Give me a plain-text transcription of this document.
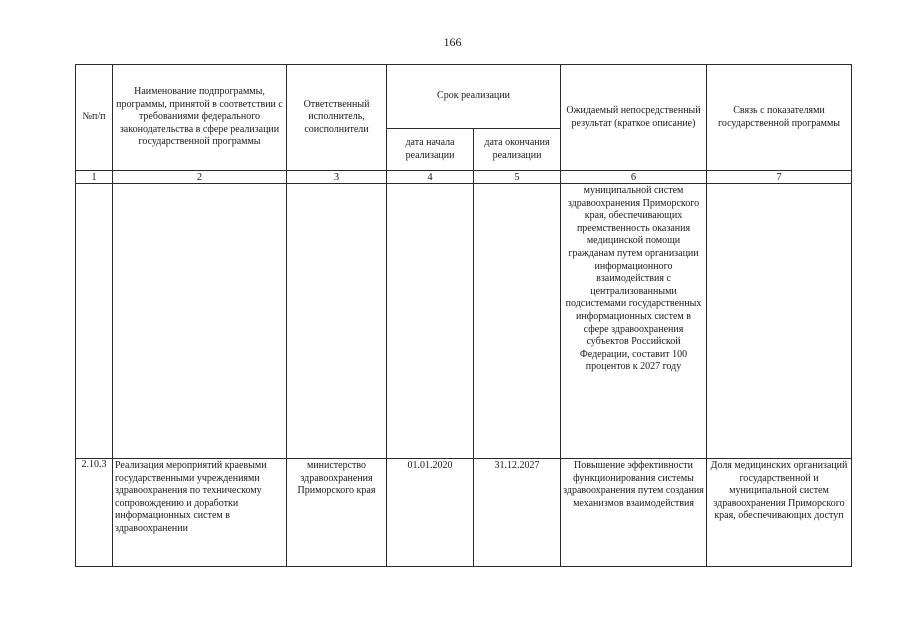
166
№п/п	Наименование подпрограммы, программы, принятой в соответствии с требованиями федерального законодательства в сфере реализации государственной программы	Ответственный исполнитель, соисполнители	Срок реализации		Ожидаемый непосредственный результат (краткое описание)	Связь с показателями государственной программы
			дата начала реализации	дата окончания реализации		
1	2	3	4	5	6	7
					муниципальной систем здравоохранения Приморского края, обеспечивающих преемственность оказания медицинской помощи гражданам путем организации информационного взаимодействия с централизованными подсистемами государственных информационных систем в сфере здравоохранения субъектов Российской Федерации, составит 100 процентов к 2027 году	
2.10.3	Реализация мероприятий краевыми государственными учреждениями здравоохранения по техническому сопровождению и доработки информационных систем в здравоохранении	министерство здравоохранения Приморского края	01.01.2020	31.12.2027	Повышение эффективности функционирования системы здравоохранения путем создания механизмов взаимодействия	Доля медицинских организаций государственной и муниципальной систем здравоохранения Приморского края, обеспечивающих доступ
